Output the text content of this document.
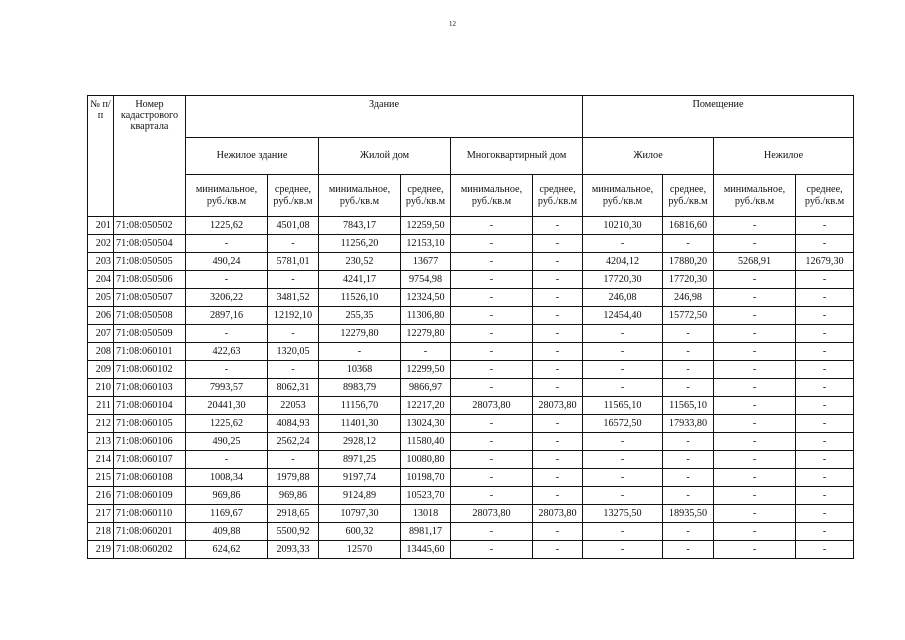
12
№ п/п	Номер кадастрового квартала	Здание						Помещение			
		Нежилое здание		Жилой дом		Многоквартирный дом		Жилое		Нежилое	
		минимальное, руб./кв.м	среднее, руб./кв.м	минимальное, руб./кв.м	среднее, руб./кв.м	минимальное, руб./кв.м	среднее, руб./кв.м	минимальное, руб./кв.м	среднее, руб./кв.м	минимальное, руб./кв.м	среднее, руб./кв.м
201	71:08:050502	1225,62	4501,08	7843,17	12259,50	-	-	10210,30	16816,60	-	-
202	71:08:050504	-	-	11256,20	12153,10	-	-	-	-	-	-
203	71:08:050505	490,24	5781,01	230,52	13677	-	-	4204,12	17880,20	5268,91	12679,30
204	71:08:050506	-	-	4241,17	9754,98	-	-	17720,30	17720,30	-	-
205	71:08:050507	3206,22	3481,52	11526,10	12324,50	-	-	246,08	246,98	-	-
206	71:08:050508	2897,16	12192,10	255,35	11306,80	-	-	12454,40	15772,50	-	-
207	71:08:050509	-	-	12279,80	12279,80	-	-	-	-	-	-
208	71:08:060101	422,63	1320,05	-	-	-	-	-	-	-	-
209	71:08:060102	-	-	10368	12299,50	-	-	-	-	-	-
210	71:08:060103	7993,57	8062,31	8983,79	9866,97	-	-	-	-	-	-
211	71:08:060104	20441,30	22053	11156,70	12217,20	28073,80	28073,80	11565,10	11565,10	-	-
212	71:08:060105	1225,62	4084,93	11401,30	13024,30	-	-	16572,50	17933,80	-	-
213	71:08:060106	490,25	2562,24	2928,12	11580,40	-	-	-	-	-	-
214	71:08:060107	-	-	8971,25	10080,80	-	-	-	-	-	-
215	71:08:060108	1008,34	1979,88	9197,74	10198,70	-	-	-	-	-	-
216	71:08:060109	969,86	969,86	9124,89	10523,70	-	-	-	-	-	-
217	71:08:060110	1169,67	2918,65	10797,30	13018	28073,80	28073,80	13275,50	18935,50	-	-
218	71:08:060201	409,88	5500,92	600,32	8981,17	-	-	-	-	-	-
219	71:08:060202	624,62	2093,33	12570	13445,60	-	-	-	-	-	-
